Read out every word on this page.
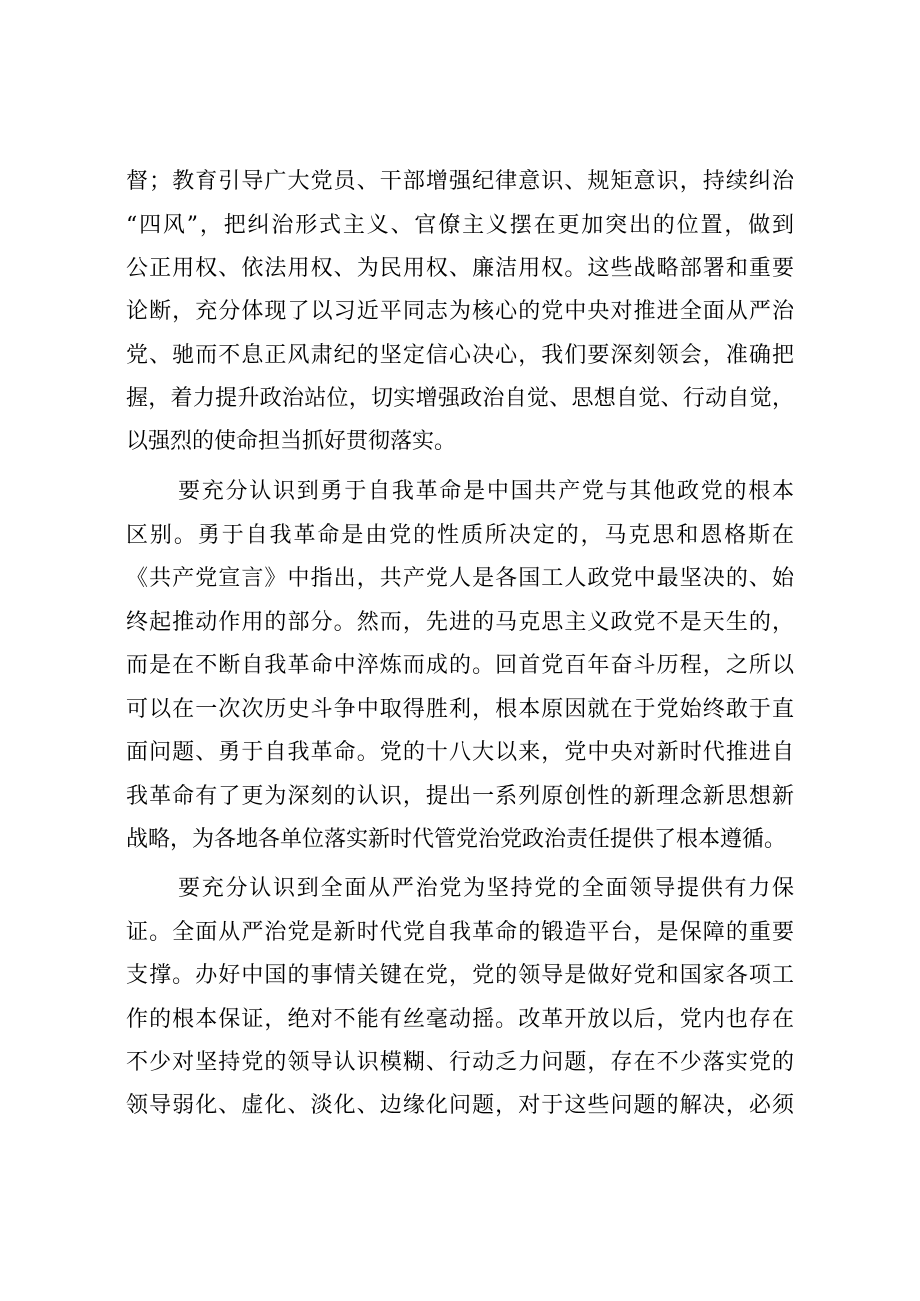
督；教育引导广大党员、干部增强纪律意识、规矩意识，持续纠治
“四风”，把纠治形式主义、官僚主义摆在更加突出的位置，做到
公正用权、依法用权、为民用权、廉洁用权。这些战略部署和重要
论断，充分体现了以习近平同志为核心的党中央对推进全面从严治
党、驰而不息正风肃纪的坚定信心决心，我们要深刻领会，准确把
握，着力提升政治站位，切实增强政治自觉、思想自觉、行动自觉，
以强烈的使命担当抓好贯彻落实。
要充分认识到勇于自我革命是中国共产党与其他政党的根本
区别。勇于自我革命是由党的性质所决定的，马克思和恩格斯在
《共产党宣言》中指出，共产党人是各国工人政党中最坚决的、始
终起推动作用的部分。然而，先进的马克思主义政党不是天生的，
而是在不断自我革命中淬炼而成的。回首党百年奋斗历程，之所以
可以在一次次历史斗争中取得胜利，根本原因就在于党始终敢于直
面问题、勇于自我革命。党的十八大以来，党中央对新时代推进自
我革命有了更为深刻的认识，提出一系列原创性的新理念新思想新
战略，为各地各单位落实新时代管党治党政治责任提供了根本遵循。
要充分认识到全面从严治党为坚持党的全面领导提供有力保
证。全面从严治党是新时代党自我革命的锻造平台，是保障的重要
支撑。办好中国的事情关键在党，党的领导是做好党和国家各项工
作的根本保证，绝对不能有丝毫动摇。改革开放以后，党内也存在
不少对坚持党的领导认识模糊、行动乏力问题，存在不少落实党的
领导弱化、虚化、淡化、边缘化问题，对于这些问题的解决，必须
